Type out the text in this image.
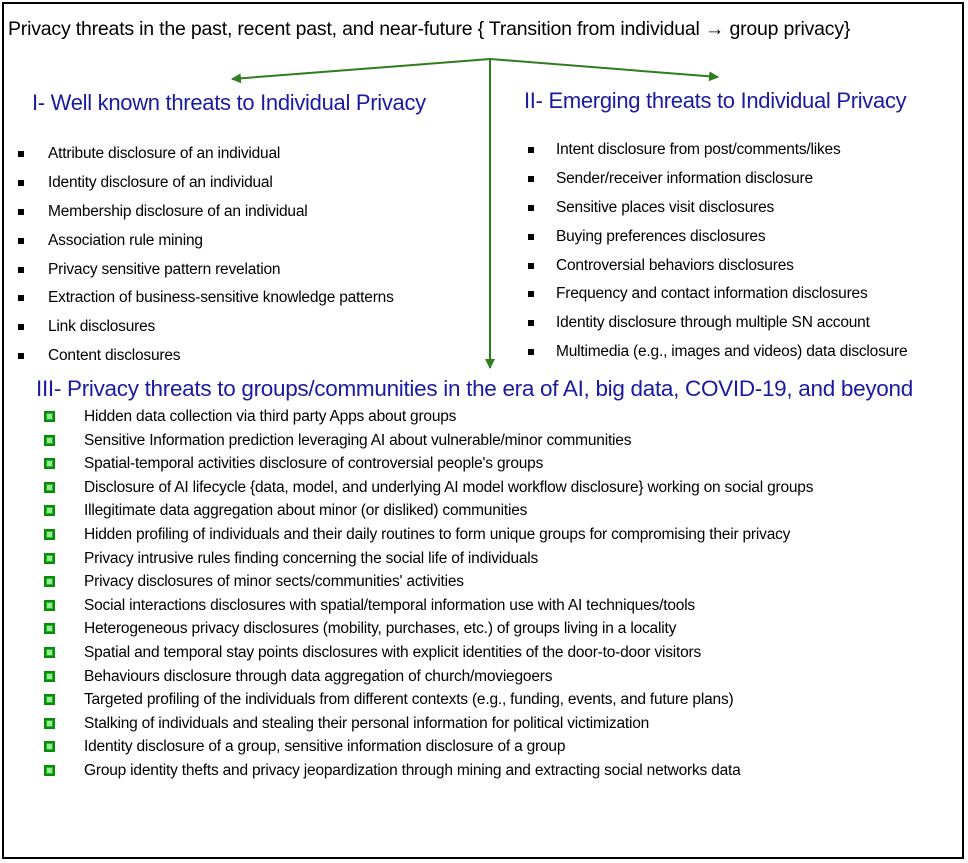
Privacy threats in the past, recent past, and near-future { Transition from individual → group privacy}
I- Well known threats to Individual Privacy
Attribute disclosure of an individual
Identity disclosure of an individual
Membership disclosure of an individual
Association rule mining
Privacy sensitive pattern revelation
Extraction of business-sensitive knowledge patterns
Link disclosures
Content disclosures
II- Emerging threats to Individual Privacy
Intent disclosure from post/comments/likes
Sender/receiver information disclosure
Sensitive places visit disclosures
Buying preferences disclosures
Controversial behaviors disclosures
Frequency and contact information disclosures
Identity disclosure through multiple SN account
Multimedia (e.g., images and videos) data disclosure
III- Privacy threats to groups/communities in the era of AI, big data, COVID-19, and beyond
Hidden data collection via third party Apps about groups
Sensitive Information prediction leveraging AI about vulnerable/minor communities
Spatial-temporal activities disclosure of controversial people's groups
Disclosure of AI lifecycle {data, model, and underlying AI model workflow disclosure} working on social groups
Illegitimate data aggregation about minor (or disliked) communities
Hidden profiling of individuals and their daily routines to form unique groups for compromising their privacy
Privacy intrusive rules finding concerning the social life of individuals
Privacy disclosures of minor sects/communities' activities
Social interactions disclosures with spatial/temporal information use with AI techniques/tools
Heterogeneous privacy disclosures (mobility, purchases, etc.) of groups living in a locality
Spatial and temporal stay points disclosures with explicit identities of the door-to-door visitors
Behaviours disclosure through data aggregation of church/moviegoers
Targeted profiling of the individuals from different contexts (e.g., funding, events, and future plans)
Stalking of individuals and stealing their personal information for political victimization
Identity disclosure of a group, sensitive information disclosure of a group
Group identity thefts and privacy jeopardization through mining and extracting social networks data
